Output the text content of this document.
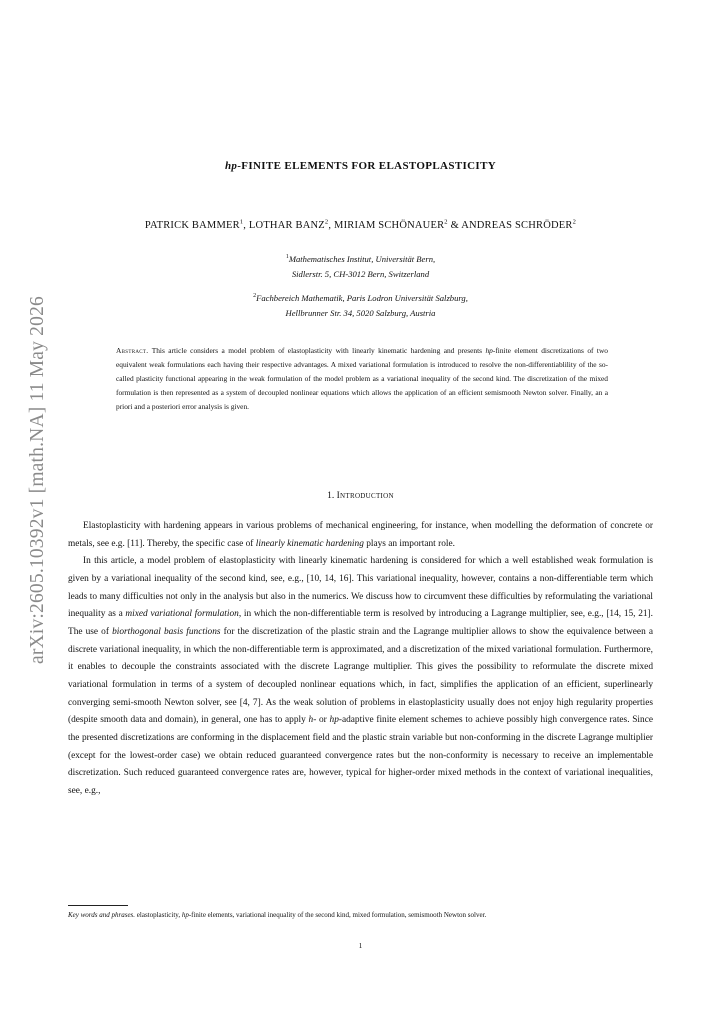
arXiv:2605.10392v1 [math.NA] 11 May 2026
hp-FINITE ELEMENTS FOR ELASTOPLASTICITY
PATRICK BAMMER$^1$, LOTHAR BANZ$^2$, MIRIAM SCHÖNAUER$^2$ & ANDREAS SCHRÖDER$^2$
$^1$Mathematisches Institut, Universität Bern,
Sidlerstr. 5, CH-3012 Bern, Switzerland
$^2$Fachbereich Mathematik, Paris Lodron Universität Salzburg,
Hellbrunner Str. 34, 5020 Salzburg, Austria
Abstract. This article considers a model problem of elastoplasticity with linearly kinematic hardening and presents hp-finite element discretizations of two equivalent weak formulations each having their respective advantages. A mixed variational formulation is introduced to resolve the non-differentiablility of the so-called plasticity functional appearing in the weak formulation of the model problem as a variational inequality of the second kind. The discretization of the mixed formulation is then represented as a system of decoupled nonlinear equations which allows the application of an efficient semismooth Newton solver. Finally, an a priori and a posteriori error analysis is given.
1. Introduction

Elastoplasticity with hardening appears in various problems of mechanical engineering, for instance, when modelling the deformation of concrete or metals, see e.g. [11]. Thereby, the specific case of linearly kinematic hardening plays an important role.

In this article, a model problem of elastoplasticity with linearly kinematic hardening is considered for which a well established weak formulation is given by a variational inequality of the second kind, see, e.g., [10, 14, 16]. This variational inequality, however, contains a non-differentiable term which leads to many difficulties not only in the analysis but also in the numerics. We discuss how to circumvent these difficulties by reformulating the variational inequality as a mixed variational formulation, in which the non-differentiable term is resolved by introducing a Lagrange multiplier, see, e.g., [14, 15, 21]. The use of biorthogonal basis functions for the discretization of the plastic strain and the Lagrange multiplier allows to show the equivalence between a discrete variational inequality, in which the non-differentiable term is approximated, and a discretization of the mixed variational formulation. Furthermore, it enables to decouple the constraints associated with the discrete Lagrange multiplier. This gives the possibility to reformulate the discrete mixed variational formulation in terms of a system of decoupled nonlinear equations which, in fact, simplifies the application of an efficient, superlinearly converging semi-smooth Newton solver, see [4, 7]. As the weak solution of problems in elastoplasticity usually does not enjoy high regularity properties (despite smooth data and domain), in general, one has to apply h- or hp-adaptive finite element schemes to achieve possibly high convergence rates. Since the presented discretizations are conforming in the displacement field and the plastic strain variable but non-conforming in the discrete Lagrange multiplier (except for the lowest-order case) we obtain reduced guaranteed convergence rates but the non-conformity is necessary to receive an implementable discretization. Such reduced guaranteed convergence rates are, however, typical for higher-order mixed methods in the context of variational inequalities, see, e.g.,

Key words and phrases. elastoplasticity, hp-finite elements, variational inequality of the second kind, mixed formulation, semismooth Newton solver.
1
